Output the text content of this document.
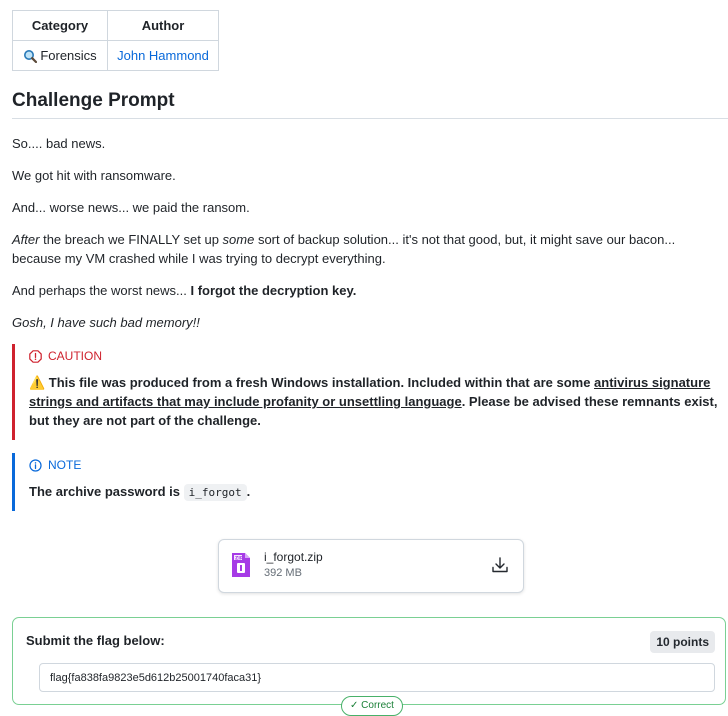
Category	Author
Forensics	John Hammond
Challenge Prompt

So.... bad news.

We got hit with ransomware.

And... worse news... we paid the ransom.

After the breach we FINALLY set up some sort of backup solution... it's not that good, but, it might save our bacon... because my VM crashed while I was trying to decrypt everything.

And perhaps the worst news... I forgot the decryption key.

Gosh, I have such bad memory!!

CAUTION
⚠️ This file was produced from a fresh Windows installation. Included within that are some antivirus signature strings and artifacts that may include profanity or unsettling language. Please be advised these remnants exist, but they are not part of the challenge.
NOTE
The archive password is i_forgot .
ZIP i_forgot.zip
392 MB
Submit the flag below:	10 points
flag{fa838fa9823e5d612b25001740faca31}
✓ Correct
